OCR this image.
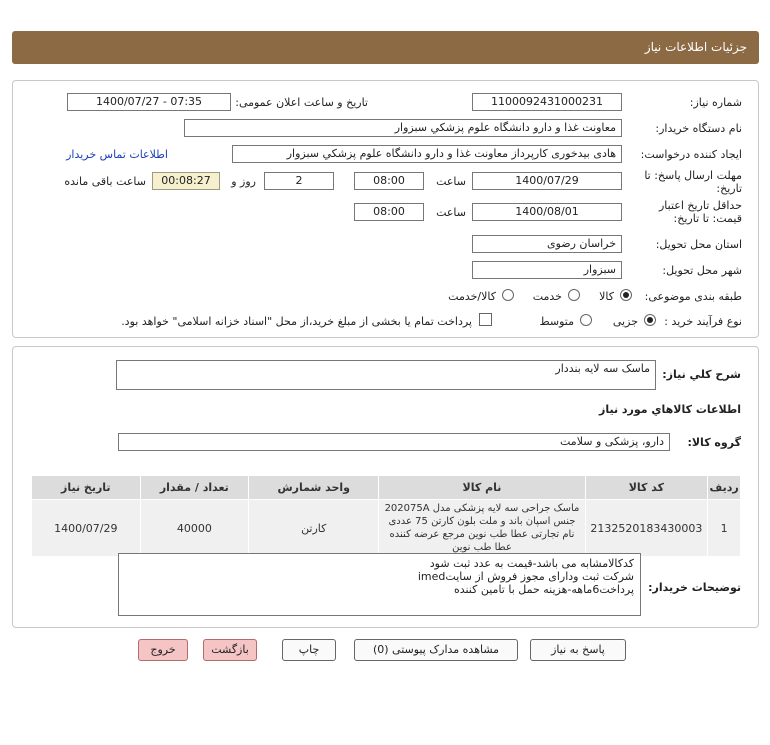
جزئیات اطلاعات نیاز
شماره نیاز:
1100092431000231
تاریخ و ساعت اعلان عمومی:
1400/07/27 - 07:35
نام دستگاه خریدار:
معاونت غذا و دارو دانشگاه علوم پزشكي سبزوار
ایجاد کننده درخواست:
هادی بیدخوری کارپرداز معاونت غذا و دارو دانشگاه علوم پزشكي سبزوار
اطلاعات تماس خریدار
مهلت ارسال پاسخ: تا تاریخ:
1400/07/29
ساعت
08:00
2
روز و
00:08:27
ساعت باقی مانده
حداقل تاریخ اعتبار قیمت: تا تاریخ:
1400/08/01
ساعت
08:00
استان محل تحویل:
خراسان رضوی
شهر محل تحویل:
سبزوار
طبقه بندی موضوعی:
کالا
خدمت
کالا/خدمت
نوع فرآیند خرید :
جزیی
متوسط
پرداخت تمام یا بخشی از مبلغ خرید،از محل "اسناد خزانه اسلامی" خواهد بود.
شرح كلي نياز:
ماسک سه لایه بنددار
اطلاعات كالاهاي مورد نياز
گروه كالا:
دارو، پزشکی و سلامت
ردیف	کد کالا	نام کالا	واحد شمارش	تعداد / مقدار	تاریخ نیاز
1	2132520183430003	ماسک جراحی سه لایه پزشکی مدل 202075A جنس اسپان باند و ملت بلون کارتن 75 عددی نام تجارتی عطا طب نوین مرجع عرضه کننده عطا طب نوین	کارتن	40000	1400/07/29
توضیحات خریدار:
کدکالامشابه می باشد-قیمت به عدد ثبت شود
شرکت ثبت ودارای مجوز فروش از سایتimed
پرداخت6ماهه-هزینه حمل با تامین کننده
پاسخ به نیاز
مشاهده مدارک پیوستی (0)
چاپ
بازگشت
خروج
